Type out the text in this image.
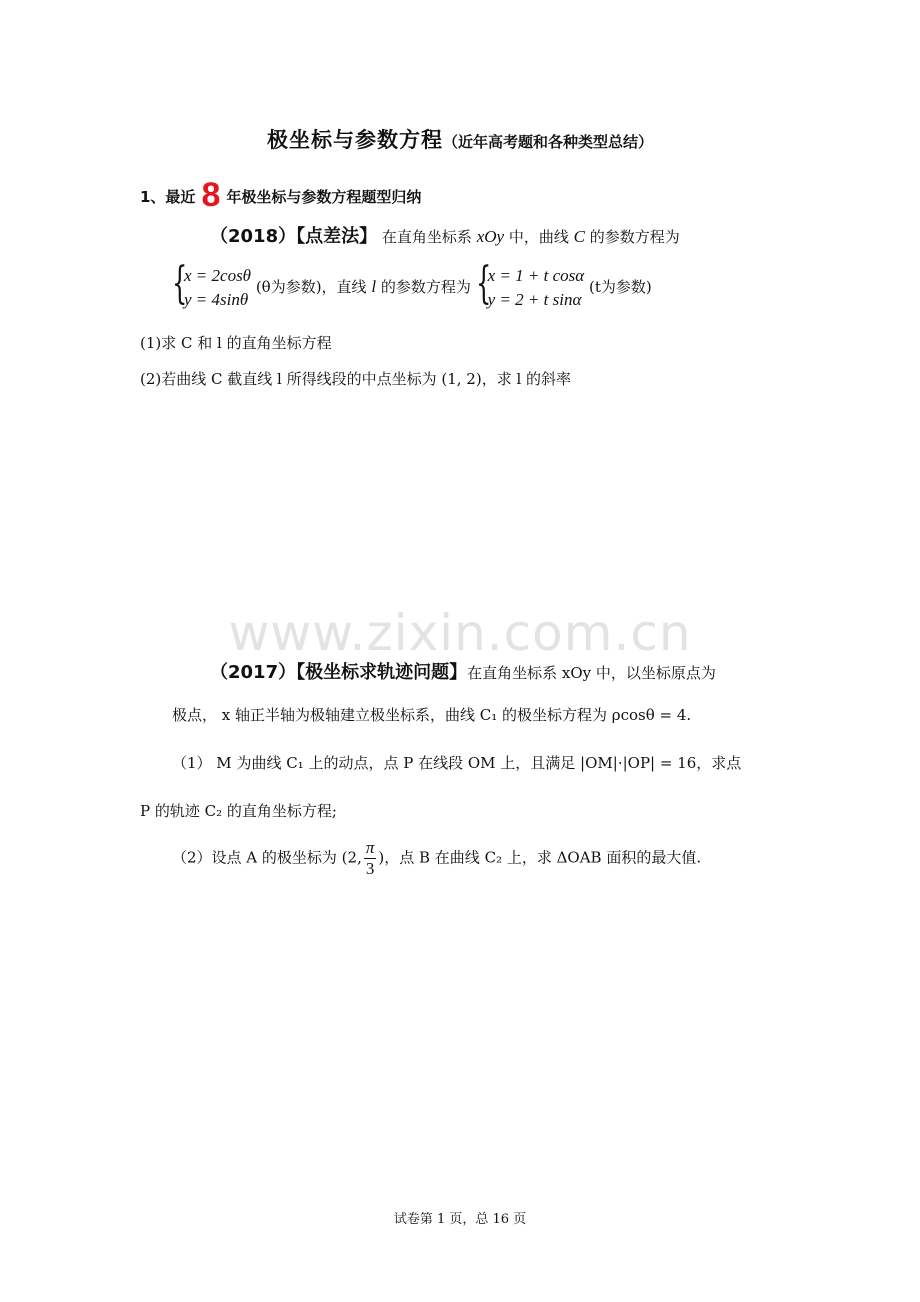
极坐标与参数方程（近年高考题和各种类型总结）
1、最近 8 年极坐标与参数方程题型归纳
（2018）【点差法】 在直角坐标系 xOy 中，曲线 C 的参数方程为
{
x = 2cosθ
y = 4sinθ
(θ为参数)，直线 l 的参数方程为 {
x = 1 + t cosα
y = 2 + t sinα
(t为参数)
(1)求 C 和 l 的直角坐标方程
(2)若曲线 C 截直线 l 所得线段的中点坐标为 (1, 2)，求 l 的斜率
www.zixin.com.cn
（2017）【极坐标求轨迹问题】在直角坐标系 xOy 中，以坐标原点为
极点， x 轴正半轴为极轴建立极坐标系，曲线 C₁ 的极坐标方程为 ρcosθ = 4.
（1） M 为曲线 C₁ 上的动点，点 P 在线段 OM 上，且满足 |OM|·|OP| = 16，求点
P 的轨迹 C₂ 的直角坐标方程;
（2）设点 A 的极坐标为 (2, $\frac{\pi}{3}$ )，点 B 在曲线 C₂ 上，求 ΔOAB 面积的最大值.
试卷第 1 页，总 16 页
